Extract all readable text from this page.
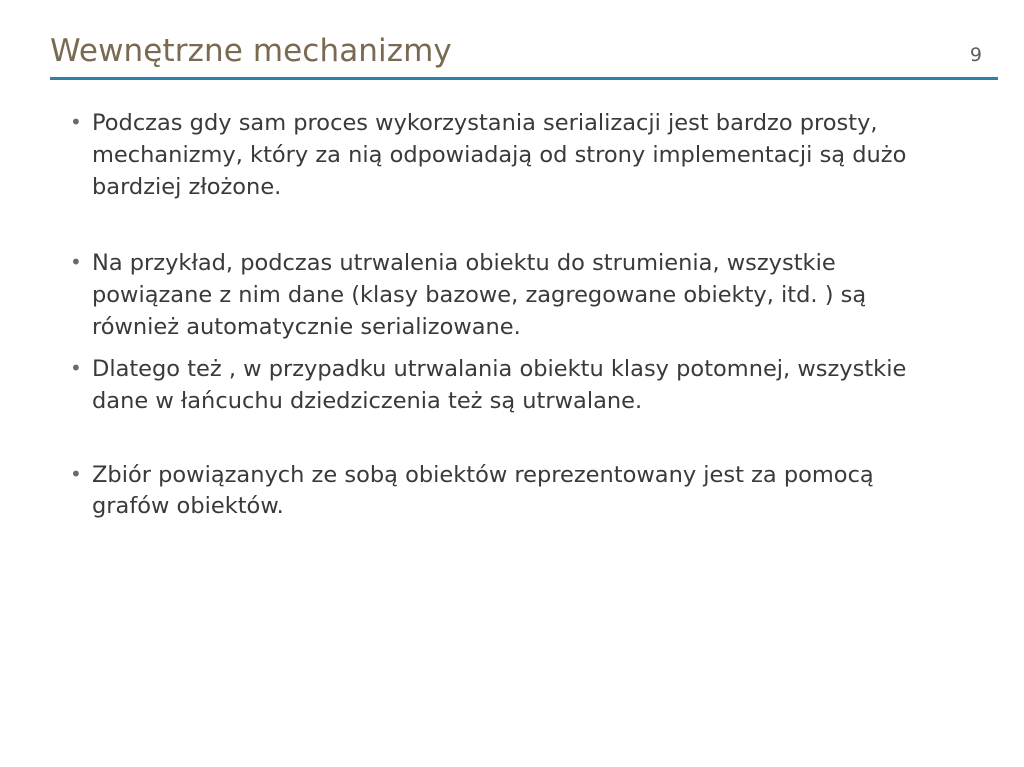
Wewnętrzne mechanizmy	9
• Podczas gdy sam proces wykorzystania serializacji jest bardzo prosty, mechanizmy, który za nią odpowiadają od strony implementacji są dużo bardziej złożone.
• Na przykład, podczas utrwalenia obiektu do strumienia, wszystkie powiązane z nim dane (klasy bazowe, zagregowane obiekty, itd. ) są również automatycznie serializowane.
• Dlatego też , w przypadku utrwalania obiektu klasy potomnej, wszystkie dane w łańcuchu dziedziczenia też są utrwalane.
• Zbiór powiązanych ze sobą obiektów reprezentowany jest za pomocą grafów obiektów.
